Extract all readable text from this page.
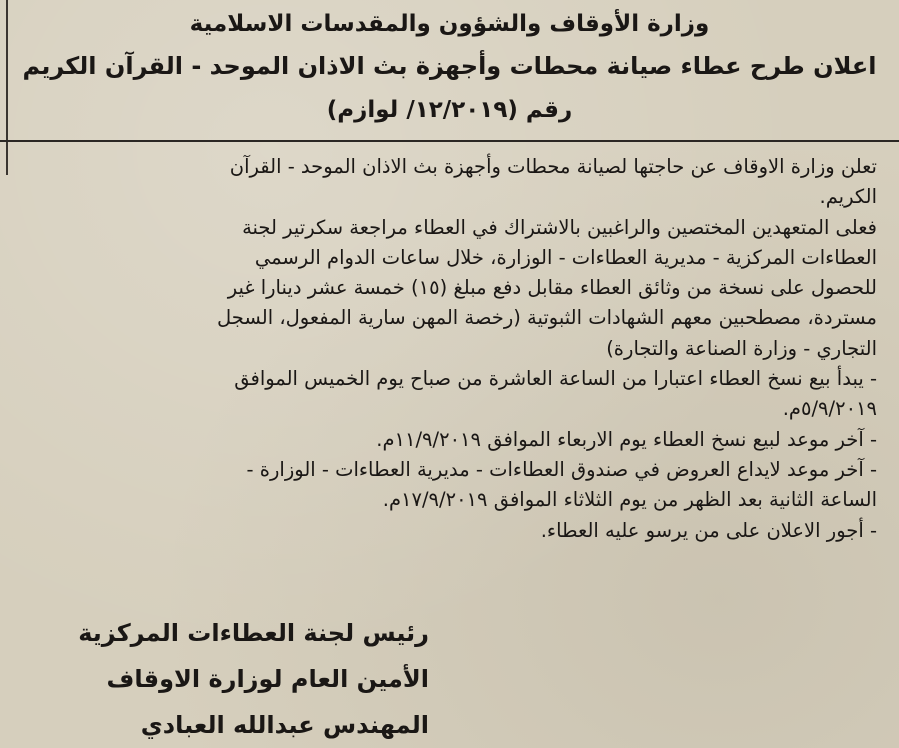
وزارة الأوقاف والشؤون والمقدسات الاسلامية
اعلان طرح عطاء صيانة محطات وأجهزة بث الاذان الموحد - القرآن الكريم
رقم (١٢/٢٠١٩/ لوازم)

تعلن وزارة الاوقاف عن حاجتها لصيانة محطات وأجهزة بث الاذان الموحد - القرآن

الكريم.

فعلى المتعهدين المختصين والراغبين بالاشتراك في العطاء مراجعة سكرتير لجنة

العطاءات المركزية - مديرية العطاءات - الوزارة، خلال ساعات الدوام الرسمي

للحصول على نسخة من وثائق العطاء مقابل دفع مبلغ (١٥) خمسة عشر دينارا غير

مستردة، مصطحبين معهم الشهادات الثبوتية (رخصة المهن سارية المفعول، السجل

التجاري - وزارة الصناعة والتجارة)

- يبدأ بيع نسخ العطاء اعتبارا من الساعة العاشرة من صباح يوم الخميس الموافق

٥/٩/٢٠١٩م.

- آخر موعد لبيع نسخ العطاء يوم الاربعاء الموافق ١١/٩/٢٠١٩م.

- آخر موعد لايداع العروض في صندوق العطاءات - مديرية العطاءات - الوزارة -

الساعة الثانية بعد الظهر من يوم الثلاثاء الموافق ١٧/٩/٢٠١٩م.

- أجور الاعلان على من يرسو عليه العطاء.

رئيس لجنة العطاءات المركزية

الأمين العام لوزارة الاوقاف

المهندس عبدالله العبادي
